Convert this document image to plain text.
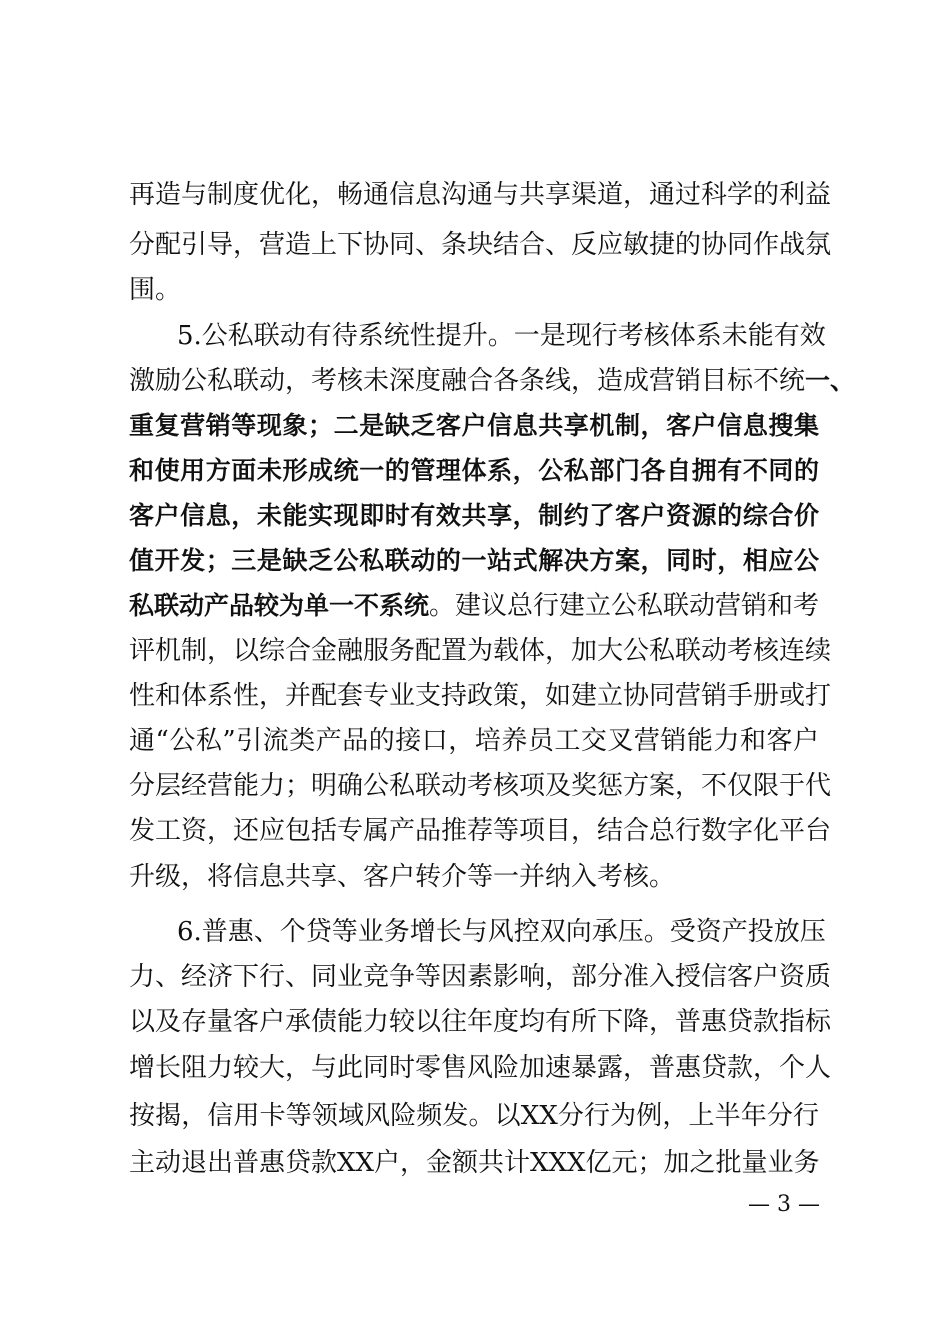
再造与制度优化，畅通信息沟通与共享渠道，通过科学的利益
分配引导，营造上下协同、条块结合、反应敏捷的协同作战氛
围。
5.公私联动有待系统性提升。一是现行考核体系未能有效
激励公私联动，考核未深度融合各条线，造成营销目标不统一、
重复营销等现象；二是缺乏客户信息共享机制，客户信息搜集
和使用方面未形成统一的管理体系，公私部门各自拥有不同的
客户信息，未能实现即时有效共享，制约了客户资源的综合价
值开发；三是缺乏公私联动的一站式解决方案，同时，相应公
私联动产品较为单一不系统。建议总行建立公私联动营销和考
评机制，以综合金融服务配置为载体，加大公私联动考核连续
性和体系性，并配套专业支持政策，如建立协同营销手册或打
通“公私”引流类产品的接口，培养员工交叉营销能力和客户
分层经营能力；明确公私联动考核项及奖惩方案，不仅限于代
发工资，还应包括专属产品推荐等项目，结合总行数字化平台
升级，将信息共享、客户转介等一并纳入考核。
6.普惠、个贷等业务增长与风控双向承压。受资产投放压
力、经济下行、同业竞争等因素影响，部分准入授信客户资质
以及存量客户承债能力较以往年度均有所下降，普惠贷款指标
增长阻力较大，与此同时零售风险加速暴露，普惠贷款，个人
按揭，信用卡等领域风险频发。以XX分行为例，上半年分行
主动退出普惠贷款XX户，金额共计XXX亿元；加之批量业务
— 3 —
